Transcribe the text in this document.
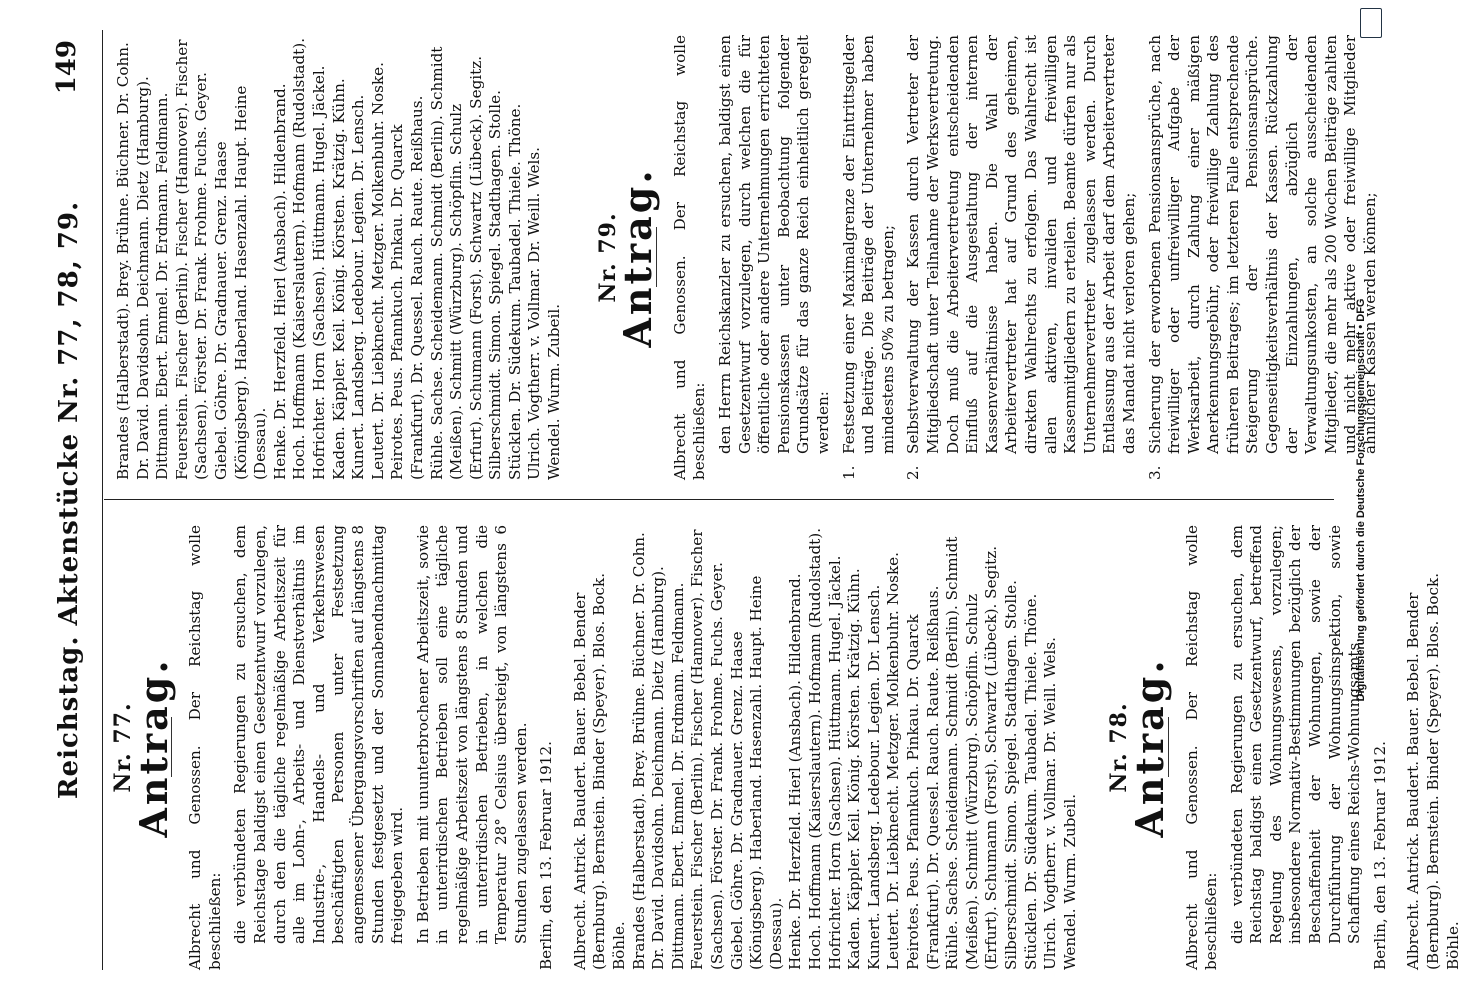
Reichstag. Aktenstücke Nr. 77, 78, 79.
149
Nr. 77.
Antrag. Albrecht und Genossen. Der Reichstag wolle beschließen: die verbündeten Regierungen zu ersuchen, dem Reichstage baldigst einen Gesetzentwurf vorzulegen, durch den die tägliche regelmäßige Arbeitszeit für alle im Lohn-, Arbeits- und Dienstverhältnis im Industrie-, Handels- und Verkehrswesen beschäftigten Personen unter Festsetzung angemessener Übergangsvorschriften auf längstens 8 Stunden festgesetzt und der Sonnabendnachmittag freigegeben wird. In Betrieben mit ununterbrochener Arbeitszeit, sowie in unterirdischen Betrieben soll eine tägliche regelmäßige Arbeitszeit von längstens 8 Stunden und in unterirdischen Betrieben, in welchen die Temperatur 28° Celsius übersteigt, von längstens 6 Stunden zugelassen werden. Berlin, den 13. Februar 1912. Albrecht. Antrick. Baudert. Bauer. Bebel. Bender (Bernburg). Bernstein. Binder (Speyer). Blos. Bock. Böhle. Brandes (Halberstadt). Brey. Brühne. Büchner. Dr. Cohn. Dr. David. Davidsohn. Deichmann. Dietz (Hamburg). Dittmann. Ebert. Emmel. Dr. Erdmann. Feldmann. Feuerstein. Fischer (Berlin). Fischer (Hannover). Fischer (Sachsen). Förster. Dr. Frank. Frohme. Fuchs. Geyer. Giebel. Göhre. Dr. Gradnauer. Grenz. Haase (Königsberg). Haberland. Hasenzahl. Haupt. Heine (Dessau). Henke. Dr. Herzfeld. Hierl (Ansbach). Hildenbrand. Hoch. Hoffmann (Kaiserslautern). Hofmann (Rudolstadt). Hofrichter. Horn (Sachsen). Hüttmann. Hugel. Jäckel. Kaden. Käppler. Keil. König. Körsten. Krätzig. Kühn. Kunert. Landsberg. Ledebour. Legien. Dr. Lensch. Leutert. Dr. Liebknecht. Metzger. Molkenbuhr. Noske. Peirotes. Peus. Pfannkuch. Pinkau. Dr. Quarck (Frankfurt). Dr. Quessel. Rauch. Raute. Reißhaus. Rühle. Sachse. Scheidemann. Schmidt (Berlin). Schmidt (Meißen). Schmitt (Würzburg). Schöpflin. Schulz (Erfurt). Schumann (Forst). Schwartz (Lübeck). Segitz. Silberschmidt. Simon. Spiegel. Stadthagen. Stolle. Stücklen. Dr. Südekum. Taubadel. Thiele. Thöne. Ulrich. Vogtherr. v. Vollmar. Dr. Weill. Wels. Wendel. Wurm. Zubeil.
Nr. 78.
Antrag. Albrecht und Genossen. Der Reichstag wolle beschließen: die verbündeten Regierungen zu ersuchen, dem Reichstag baldigst einen Gesetzentwurf, betreffend Regelung des Wohnungswesens, vorzulegen; insbesondere Normativ-Bestimmungen bezüglich der Beschaffenheit der Wohnungen, sowie der Durchführung der Wohnungsinspektion, sowie Schaffung eines Reichs-Wohnungsamts. Berlin, den 13. Februar 1912. Albrecht. Antrick. Baudert. Bauer. Bebel. Bender (Bernburg). Bernstein. Binder (Speyer). Blos. Bock. Böhle.
Brandes (Halberstadt). Brey. Brühne. Büchner. Dr. Cohn. Dr. David. Davidsohn. Deichmann. Dietz (Hamburg). Dittmann. Ebert. Emmel. Dr. Erdmann. Feldmann. Feuerstein. Fischer (Berlin). Fischer (Hannover). Fischer (Sachsen). Förster. Dr. Frank. Frohme. Fuchs. Geyer. Giebel. Göhre. Dr. Gradnauer. Grenz. Haase (Königsberg). Haberland. Hasenzahl. Haupt. Heine (Dessau). Henke. Dr. Herzfeld. Hierl (Ansbach). Hildenbrand. Hoch. Hoffmann (Kaiserslautern). Hofmann (Rudolstadt). Hofrichter. Horn (Sachsen). Hüttmann. Hugel. Jäckel. Kaden. Käppler. Keil. König. Körsten. Krätzig. Kühn. Kunert. Landsberg. Ledebour. Legien. Dr. Lensch. Leutert. Dr. Liebknecht. Metzger. Molkenbuhr. Noske. Peirotes. Peus. Pfannkuch. Pinkau. Dr. Quarck (Frankfurt). Dr. Quessel. Rauch. Raute. Reißhaus. Rühle. Sachse. Scheidemann. Schmidt (Berlin). Schmidt (Meißen). Schmitt (Würzburg). Schöpflin. Schulz (Erfurt). Schumann (Forst). Schwartz (Lübeck). Segitz. Silberschmidt. Simon. Spiegel. Stadthagen. Stolle. Stücklen. Dr. Südekum. Taubadel. Thiele. Thöne. Ulrich. Vogtherr. v. Vollmar. Dr. Weill. Wels. Wendel. Wurm. Zubeil.
Nr. 79.
Antrag. Albrecht und Genossen. Der Reichstag wolle beschließen: den Herrn Reichskanzler zu ersuchen, baldigst einen Gesetzentwurf vorzulegen, durch welchen die für öffentliche oder andere Unternehmungen errichteten Pensionskassen unter Beobachtung folgender Grundsätze für das ganze Reich einheitlich geregelt werden:

1.
Festsetzung einer Maximalgrenze der Eintrittsgelder und Beiträge. Die Beiträge der Unternehmer haben mindestens 50% zu betragen;
2.
Selbstverwaltung der Kassen durch Vertreter der Mitgliedschaft unter Teilnahme der Werksvertretung. Doch muß die Arbeitervertretung entscheidenden Einfluß auf die Ausgestaltung der internen Kassenverhältnisse haben. Die Wahl der Arbeitervertreter hat auf Grund des geheimen, direkten Wahlrechts zu erfolgen. Das Wahlrecht ist allen aktiven, invaliden und freiwilligen Kassenmitgliedern zu erteilen. Beamte dürfen nur als Unternehmervertreter zugelassen werden. Durch Entlassung aus der Arbeit darf dem Arbeitervertreter das Mandat nicht verloren gehen;
3.
Sicherung der erworbenen Pensionsansprüche, nach freiwilliger oder unfreiwilliger Aufgabe der Werksarbeit, durch Zahlung einer mäßigen Anerkennungsgebühr, oder freiwillige Zahlung des früheren Beitrages; im letzteren Falle entsprechende Steigerung der Pensionsansprüche. Gegenseitigkeitsverhältnis der Kassen. Rückzahlung der Einzahlungen, abzüglich der Verwaltungsunkosten, an solche ausscheidenden Mitglieder, die mehr als 200 Wochen Beiträge zahlten und nicht mehr aktive oder freiwillige Mitglieder ähnlicher Kassen werden können;
Digitalisierung gefördert durch die Deutsche Forschungsgemeinschaft • DFG
